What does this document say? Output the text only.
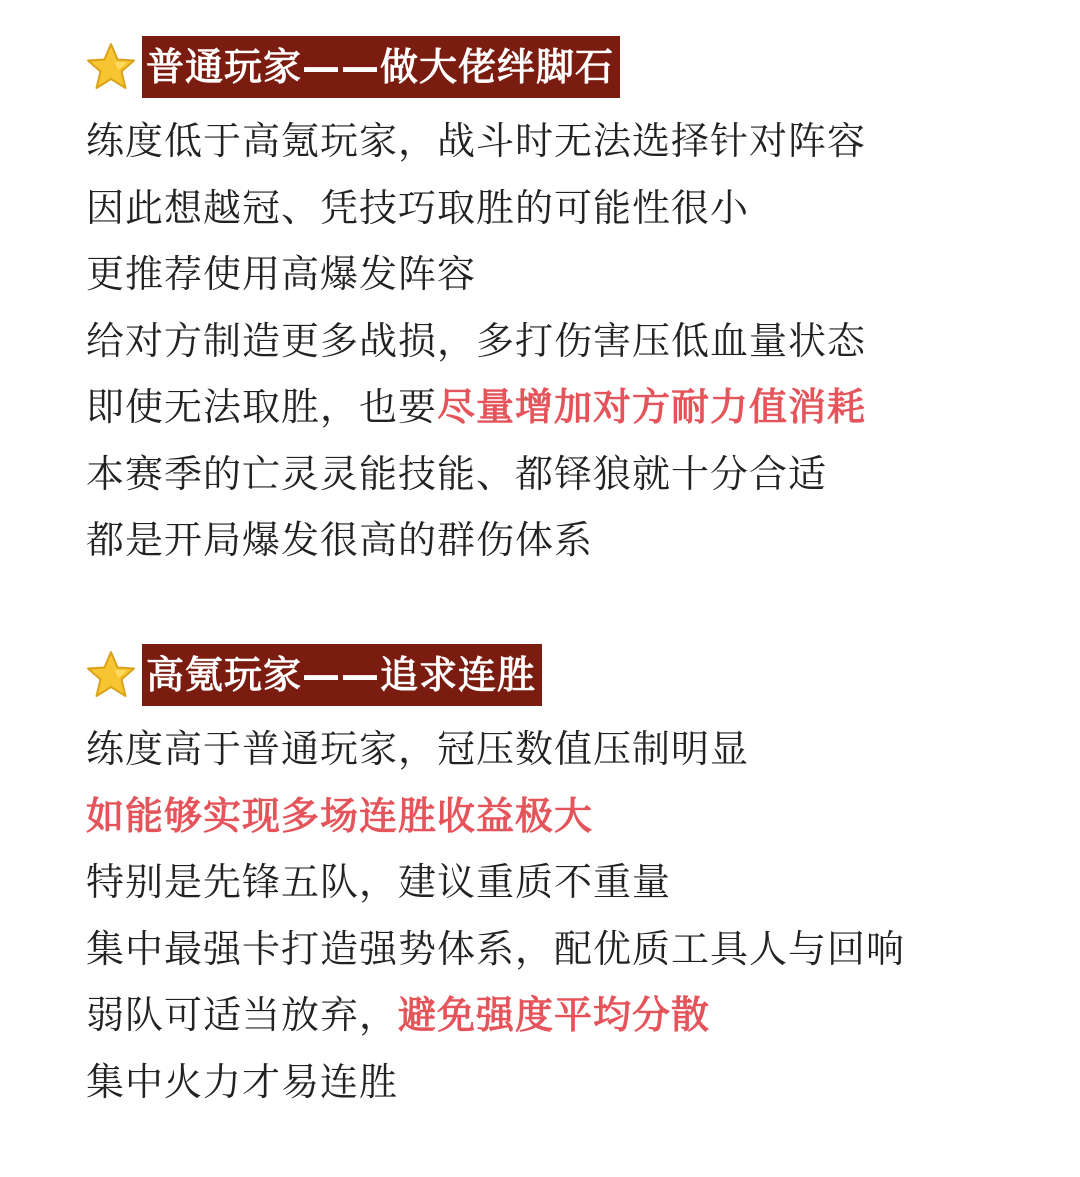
普通玩家——做大佬绊脚石
练度低于高氪玩家，战斗时无法选择针对阵容
因此想越冠、凭技巧取胜的可能性很小
更推荐使用高爆发阵容
给对方制造更多战损，多打伤害压低血量状态
即使无法取胜，也要尽量增加对方耐力值消耗
本赛季的亡灵灵能技能、都铎狼就十分合适
都是开局爆发很高的群伤体系
高氪玩家——追求连胜
练度高于普通玩家，冠压数值压制明显
如能够实现多场连胜收益极大
特别是先锋五队，建议重质不重量
集中最强卡打造强势体系，配优质工具人与回响
弱队可适当放弃，避免强度平均分散
集中火力才易连胜
